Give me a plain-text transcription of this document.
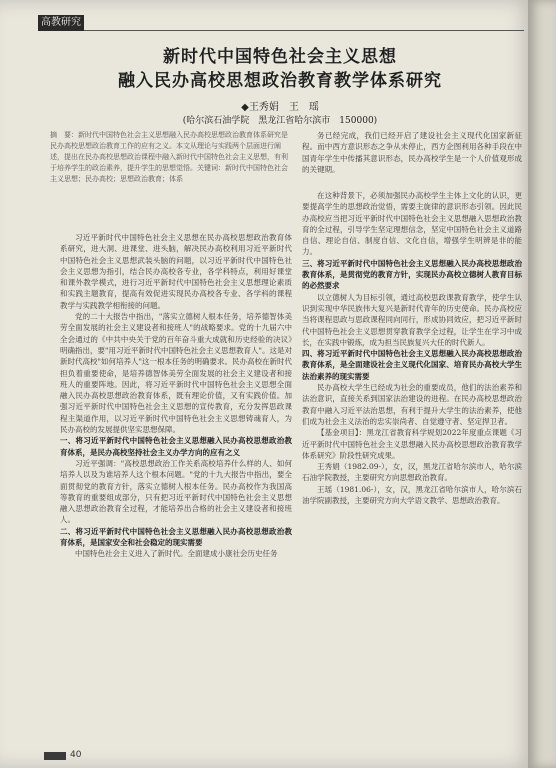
高教研究
新时代中国特色社会主义思想
融入民办高校思想政治教育教学体系研究
◆王秀娟　王　瑶
(哈尔滨石油学院　黑龙江省哈尔滨市　150000)
摘　要：新时代中国特色社会主义思想融入民办高校思想政治教育体系研究是民办高校思想政治教育工作的应有之义。本文从理论与实践两个层面进行阐述，提出在民办高校思想政治课程中融入新时代中国特色社会主义思想，有利于培养学生的政治素养，提升学生的思想觉悟。关键词：新时代中国特色社会主义思想；民办高校；思想政治教育；体系

习近平新时代中国特色社会主义思想在民办高校思想政治教育体系研究，进大洞、进课堂、进头脑，解决民办高校利用习近平新时代中国特色社会主义思想武装头脑的问题，以习近平新时代中国特色社会主义思想为指引，结合民办高校各专业，各学科特点，利用好课堂和课外教学模式，进行习近平新时代中国特色社会主义思想理论素质和实践主题教育，提高有效促进实现民办高校各专业、各学科的课程教学与实践教学相衔接的问题。

党的二十大报告中指出，"落实立德树人根本任务，培养德智体美劳全面发展的社会主义建设者和接班人"的战略要求。党的十九届六中全会通过的《中共中央关于党的百年奋斗重大成就和历史经验的决议》明确指出，要"用习近平新时代中国特色社会主义思想教育人"。这是对新时代高校"如何培养人"这一根本任务的明确要求。民办高校在新时代担负着重要使命，是培养德智体美劳全面发展的社会主义建设者和接班人的重要阵地。因此，将习近平新时代中国特色社会主义思想全面融入民办高校思想政治教育体系，既有理论价值，又有实践价值。加强习近平新时代中国特色社会主义思想的宣传教育，充分发挥思政课程主渠道作用，以习近平新时代中国特色社会主义思想铸魂育人，为民办高校的发展提供坚实思想保障。

一、将习近平新时代中国特色社会主义思想融入民办高校思想政治教育体系，是民办高校坚持社会主义办学方向的应有之义

习近平强调："高校思想政治工作关系高校培养什么样的人、如何培养人以及为谁培养人这个根本问题。"党的十九大报告中指出，要全面贯彻党的教育方针，落实立德树人根本任务。民办高校作为我国高等教育的重要组成部分，只有把习近平新时代中国特色社会主义思想融入思想政治教育全过程，才能培养出合格的社会主义建设者和接班人。

二、将习近平新时代中国特色社会主义思想融入民办高校思想政治教育体系，是国家安全和社会稳定的现实需要

中国特色社会主义进入了新时代。全面建成小康社会历史任务

务已经完成，我们已经开启了建设社会主义现代化国家新征程。而中西方意识形态之争从未停止，西方企图利用各种手段在中国青年学生中传播其意识形态，民办高校学生是一个人价值观形成的关键期。

在这种背景下，必须加强民办高校学生主体上文化的认识，更要提高学生的思想政治觉悟，需要主旋律的意识形态引领。因此民办高校应当把习近平新时代中国特色社会主义思想融入思想政治教育的全过程，引导学生坚定理想信念，坚定中国特色社会主义道路自信、理论自信、制度自信、文化自信，增强学生明辨是非的能力。

三、将习近平新时代中国特色社会主义思想融入民办高校思想政治教育体系，是贯彻党的教育方针，实现民办高校立德树人教育目标的必然要求

以立德树人为目标引领，通过高校思政课教育教学，使学生认识到实现中华民族伟大复兴是新时代青年的历史使命。民办高校应当将课程思政与思政课程同向同行，形成协同效应，把习近平新时代中国特色社会主义思想贯穿教育教学全过程，让学生在学习中成长，在实践中锻炼，成为担当民族复兴大任的时代新人。

四、将习近平新时代中国特色社会主义思想融入民办高校思想政治教育体系，是全面建设社会主义现代化国家、培育民办高校大学生法治素养的现实需要

民办高校大学生已经成为社会的重要成员，他们的法治素养和法治意识，直接关系到国家法治建设的进程。在民办高校思想政治教育中融入习近平法治思想，有利于提升大学生的法治素养，使他们成为社会主义法治的忠实崇尚者、自觉遵守者、坚定捍卫者。

【基金项目】：黑龙江省教育科学规划2022年度重点课题《习近平新时代中国特色社会主义思想融入民办高校思想政治教育教学体系研究》阶段性研究成果。

王秀娟（1982.09-），女，汉，黑龙江省哈尔滨市人，哈尔滨石油学院教授，主要研究方向思想政治教育。

王瑶（1981.06-），女，汉，黑龙江省哈尔滨市人，哈尔滨石油学院副教授，主要研究方向大学语文教学、思想政治教育。

40
